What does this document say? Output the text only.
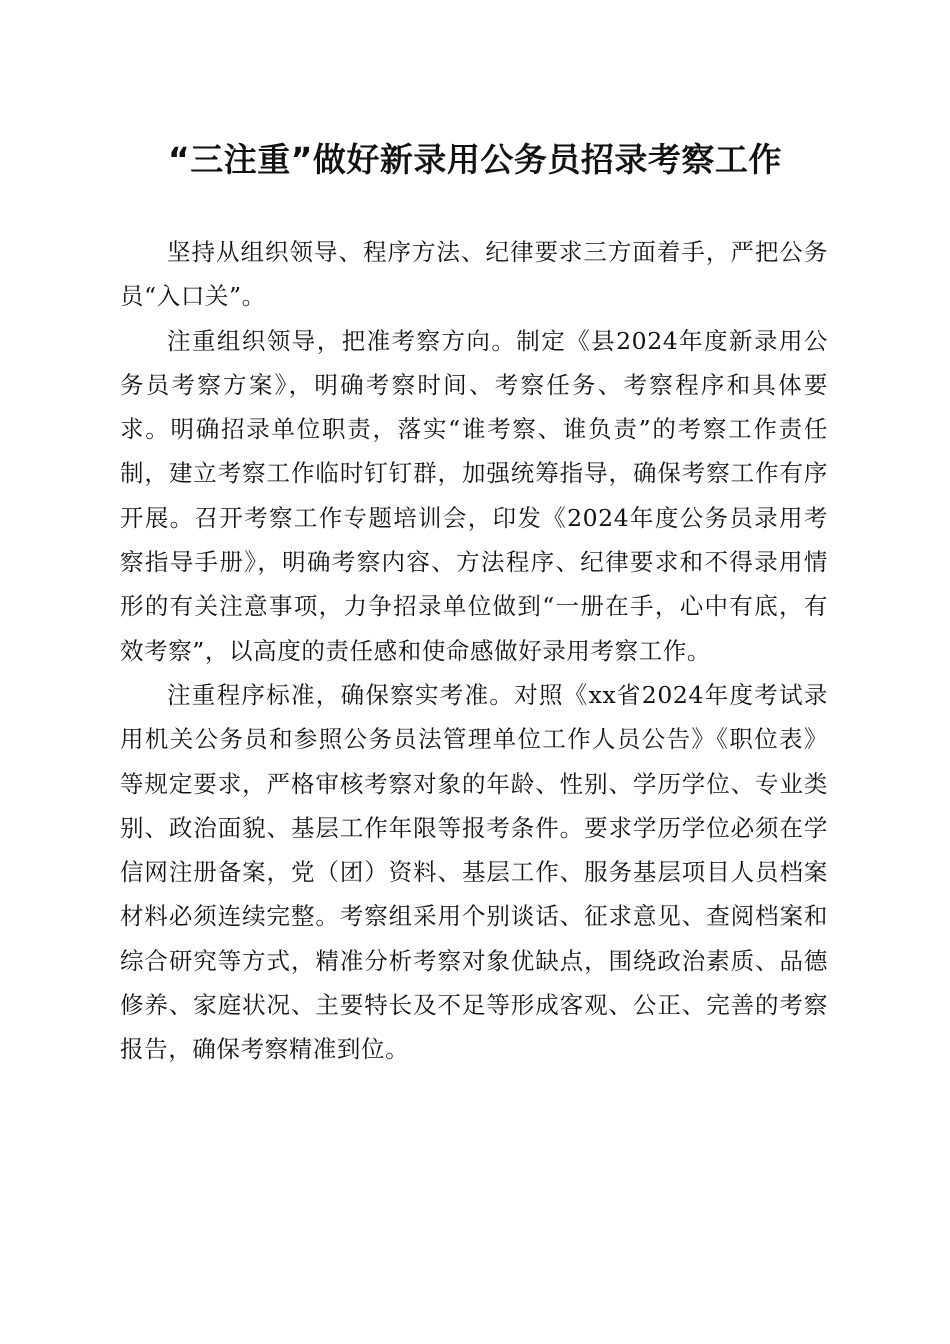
“三注重”做好新录用公务员招录考察工作

坚持从组织领导、程序方法、纪律要求三方面着手，严把公务员“入口关”。

注重组织领导，把准考察方向。制定《县2024年度新录用公务员考察方案》，明确考察时间、考察任务、考察程序和具体要求。明确招录单位职责，落实“谁考察、谁负责”的考察工作责任制，建立考察工作临时钉钉群，加强统筹指导，确保考察工作有序开展。召开考察工作专题培训会，印发《2024年度公务员录用考察指导手册》，明确考察内容、方法程序、纪律要求和不得录用情形的有关注意事项，力争招录单位做到“一册在手，心中有底，有效考察”，以高度的责任感和使命感做好录用考察工作。

注重程序标准，确保察实考准。对照《xx省2024年度考试录用机关公务员和参照公务员法管理单位工作人员公告》《职位表》等规定要求，严格审核考察对象的年龄、性别、学历学位、专业类别、政治面貌、基层工作年限等报考条件。要求学历学位必须在学信网注册备案，党（团）资料、基层工作、服务基层项目人员档案材料必须连续完整。考察组采用个别谈话、征求意见、查阅档案和综合研究等方式，精准分析考察对象优缺点，围绕政治素质、品德修养、家庭状况、主要特长及不足等形成客观、公正、完善的考察报告，确保考察精准到位。
